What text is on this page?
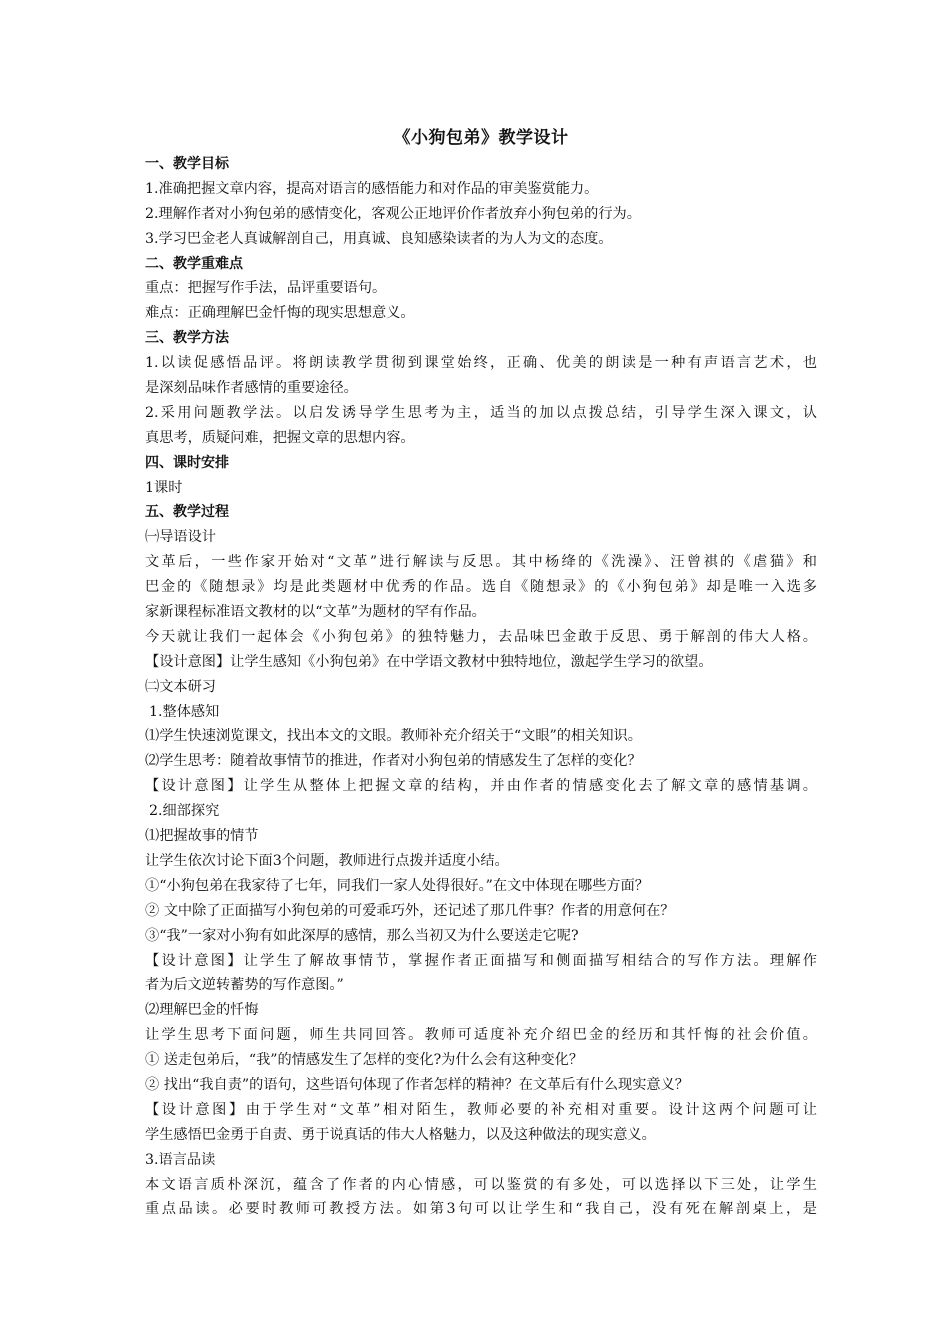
《小狗包弟》教学设计
一、教学目标
1.准确把握文章内容，提高对语言的感悟能力和对作品的审美鉴赏能力。
2.理解作者对小狗包弟的感情变化，客观公正地评价作者放弃小狗包弟的行为。
3.学习巴金老人真诚解剖自己，用真诚、良知感染读者的为人为文的态度。
二、教学重难点
重点：把握写作手法，品评重要语句。
难点：正确理解巴金忏悔的现实思想意义。
三、教学方法
1.以读促感悟品评。将朗读教学贯彻到课堂始终，正确、优美的朗读是一种有声语言艺术，也
是深刻品味作者感情的重要途径。
2.采用问题教学法。以启发诱导学生思考为主，适当的加以点拨总结，引导学生深入课文，认
真思考，质疑问难，把握文章的思想内容。
四、课时安排
1课时
五、教学过程
㈠导语设计
文革后，一些作家开始对“文革”进行解读与反思。其中杨绛的《洗澡》、汪曾祺的《虐猫》和
巴金的《随想录》均是此类题材中优秀的作品。选自《随想录》的《小狗包弟》却是唯一入选多
家新课程标准语文教材的以“文革”为题材的罕有作品。
今天就让我们一起体会《小狗包弟》的独特魅力，去品味巴金敢于反思、勇于解剖的伟大人格。
【设计意图】让学生感知《小狗包弟》在中学语文教材中独特地位，激起学生学习的欲望。
㈡文本研习
1.整体感知
⑴学生快速浏览课文，找出本文的文眼。教师补充介绍关于“文眼”的相关知识。
⑵学生思考：随着故事情节的推进，作者对小狗包弟的情感发生了怎样的变化？
【设计意图】让学生从整体上把握文章的结构，并由作者的情感变化去了解文章的感情基调。
2.细部探究
⑴把握故事的情节
让学生依次讨论下面3个问题，教师进行点拨并适度小结。
①“小狗包弟在我家待了七年，同我们一家人处得很好。”在文中体现在哪些方面？
② 文中除了正面描写小狗包弟的可爱乖巧外，还记述了那几件事？作者的用意何在？
③“我”一家对小狗有如此深厚的感情，那么当初又为什么要送走它呢?
【设计意图】让学生了解故事情节，掌握作者正面描写和侧面描写相结合的写作方法。理解作
者为后文逆转蓄势的写作意图。”
⑵理解巴金的忏悔
让学生思考下面问题，师生共同回答。教师可适度补充介绍巴金的经历和其忏悔的社会价值。
① 送走包弟后，“我”的情感发生了怎样的变化?为什么会有这种变化？
② 找出“我自责”的语句，这些语句体现了作者怎样的精神？在文革后有什么现实意义？
【设计意图】由于学生对“文革”相对陌生，教师必要的补充相对重要。设计这两个问题可让
学生感悟巴金勇于自责、勇于说真话的伟大人格魅力，以及这种做法的现实意义。
3.语言品读
本文语言质朴深沉，蕴含了作者的内心情感，可以鉴赏的有多处，可以选择以下三处，让学生
重点品读。必要时教师可教授方法。如第3句可以让学生和“我自己，没有死在解剖桌上，是
